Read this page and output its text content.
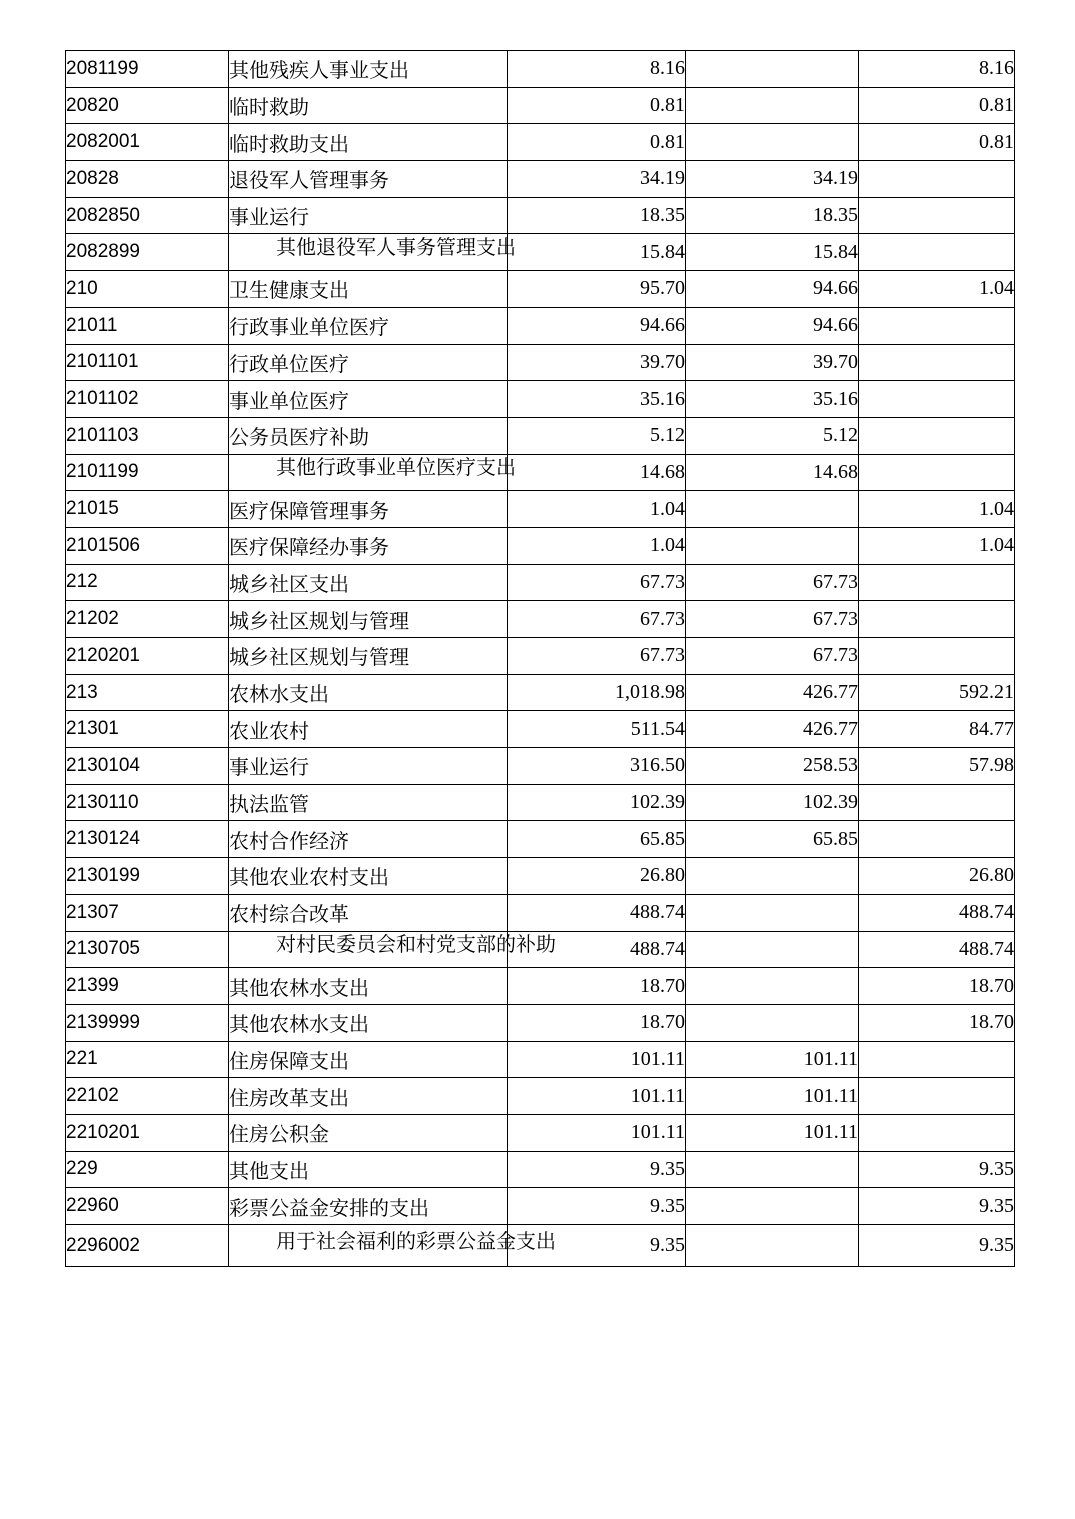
2081199	其他残疾人事业支出	8.16		8.16
20820	临时救助	0.81		0.81
2082001	临时救助支出	0.81		0.81
20828	退役军人管理事务	34.19	34.19	
2082850	事业运行	18.35	18.35	
2082899	其他退役军人事务管理支出	15.84	15.84	
210	卫生健康支出	95.70	94.66	1.04
21011	行政事业单位医疗	94.66	94.66	
2101101	行政单位医疗	39.70	39.70	
2101102	事业单位医疗	35.16	35.16	
2101103	公务员医疗补助	5.12	5.12	
2101199	其他行政事业单位医疗支出	14.68	14.68	
21015	医疗保障管理事务	1.04		1.04
2101506	医疗保障经办事务	1.04		1.04
212	城乡社区支出	67.73	67.73	
21202	城乡社区规划与管理	67.73	67.73	
2120201	城乡社区规划与管理	67.73	67.73	
213	农林水支出	1,018.98	426.77	592.21
21301	农业农村	511.54	426.77	84.77
2130104	事业运行	316.50	258.53	57.98
2130110	执法监管	102.39	102.39	
2130124	农村合作经济	65.85	65.85	
2130199	其他农业农村支出	26.80		26.80
21307	农村综合改革	488.74		488.74
2130705	对村民委员会和村党支部的补助	488.74		488.74
21399	其他农林水支出	18.70		18.70
2139999	其他农林水支出	18.70		18.70
221	住房保障支出	101.11	101.11	
22102	住房改革支出	101.11	101.11	
2210201	住房公积金	101.11	101.11	
229	其他支出	9.35		9.35
22960	彩票公益金安排的支出	9.35		9.35
2296002	用于社会福利的彩票公益金支出	9.35		9.35
